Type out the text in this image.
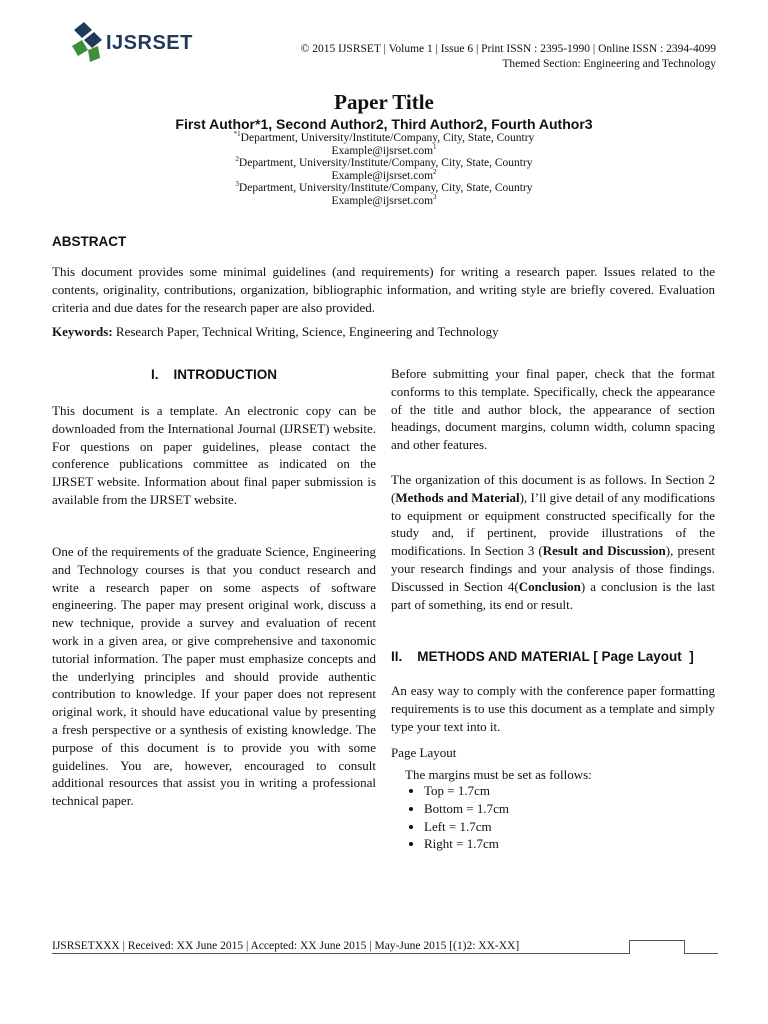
IJSRSET	© 2015 IJSRSET | Volume 1 | Issue 6 | Print ISSN : 2395-1990 | Online ISSN : 2394-4099
Themed Section: Engineering and Technology
Paper Title
First Author*1, Second Author2, Third Author2, Fourth Author3
$^{*1}$Department, University/Institute/Company, City, State, Country
Example@ijsrset.com$^1$
$^2$Department, University/Institute/Company, City, State, Country
Example@ijsrset.com$^2$
$^3$Department, University/Institute/Company, City, State, Country
Example@ijsrset.com$^3$
ABSTRACT
This document provides some minimal guidelines (and requirements) for writing a research paper. Issues related to the contents, originality, contributions, organization, bibliographic information, and writing style are briefly covered. Evaluation criteria and due dates for the research paper are also provided.
Keywords: Research Paper, Technical Writing, Science, Engineering and Technology
I.    INTRODUCTION
This document is a template. An electronic copy can be downloaded from the International Journal (IJRSET) website. For questions on paper guidelines, please contact the conference publications committee as indicated on the IJRSET website. Information about final paper submission is available from the IJRSET website.
One of the requirements of the graduate Science, Engineering and Technology courses is that you conduct research and write a research paper on some aspects of software engineering. The paper may present original work, discuss a new technique, provide a survey and evaluation of recent work in a given area, or give comprehensive and taxonomic tutorial information. The paper must emphasize concepts and the underlying principles and should provide authentic contribution to knowledge. If your paper does not represent original work, it should have educational value by presenting a fresh perspective or a synthesis of existing knowledge. The purpose of this document is to provide you with some guidelines. You are, however, encouraged to consult additional resources that assist you in writing a professional technical paper.
Before submitting your final paper, check that the format conforms to this template. Specifically, check the appearance of the title and author block, the appearance of section headings, document margins, column width, column spacing and other features.
The organization of this document is as follows. In Section 2 (Methods and Material), I’ll give detail of any modifications to equipment or equipment constructed specifically for the study and, if pertinent, provide illustrations of the modifications. In Section 3 (Result and Discussion), present your research findings and your analysis of those findings. Discussed in Section 4(Conclusion) a conclusion is the last part of something, its end or result.
II.    METHODS AND MATERIAL [ Page Layout  ]
An easy way to comply with the conference paper formatting requirements is to use this document as a template and simply type your text into it.
Page Layout
The margins must be set as follows:
• Top = 1.7cm
• Bottom = 1.7cm
• Left = 1.7cm
• Right = 1.7cm
IJSRSETXXX | Received: XX June 2015 | Accepted: XX June 2015 | May-June 2015 [(1)2: XX-XX]
